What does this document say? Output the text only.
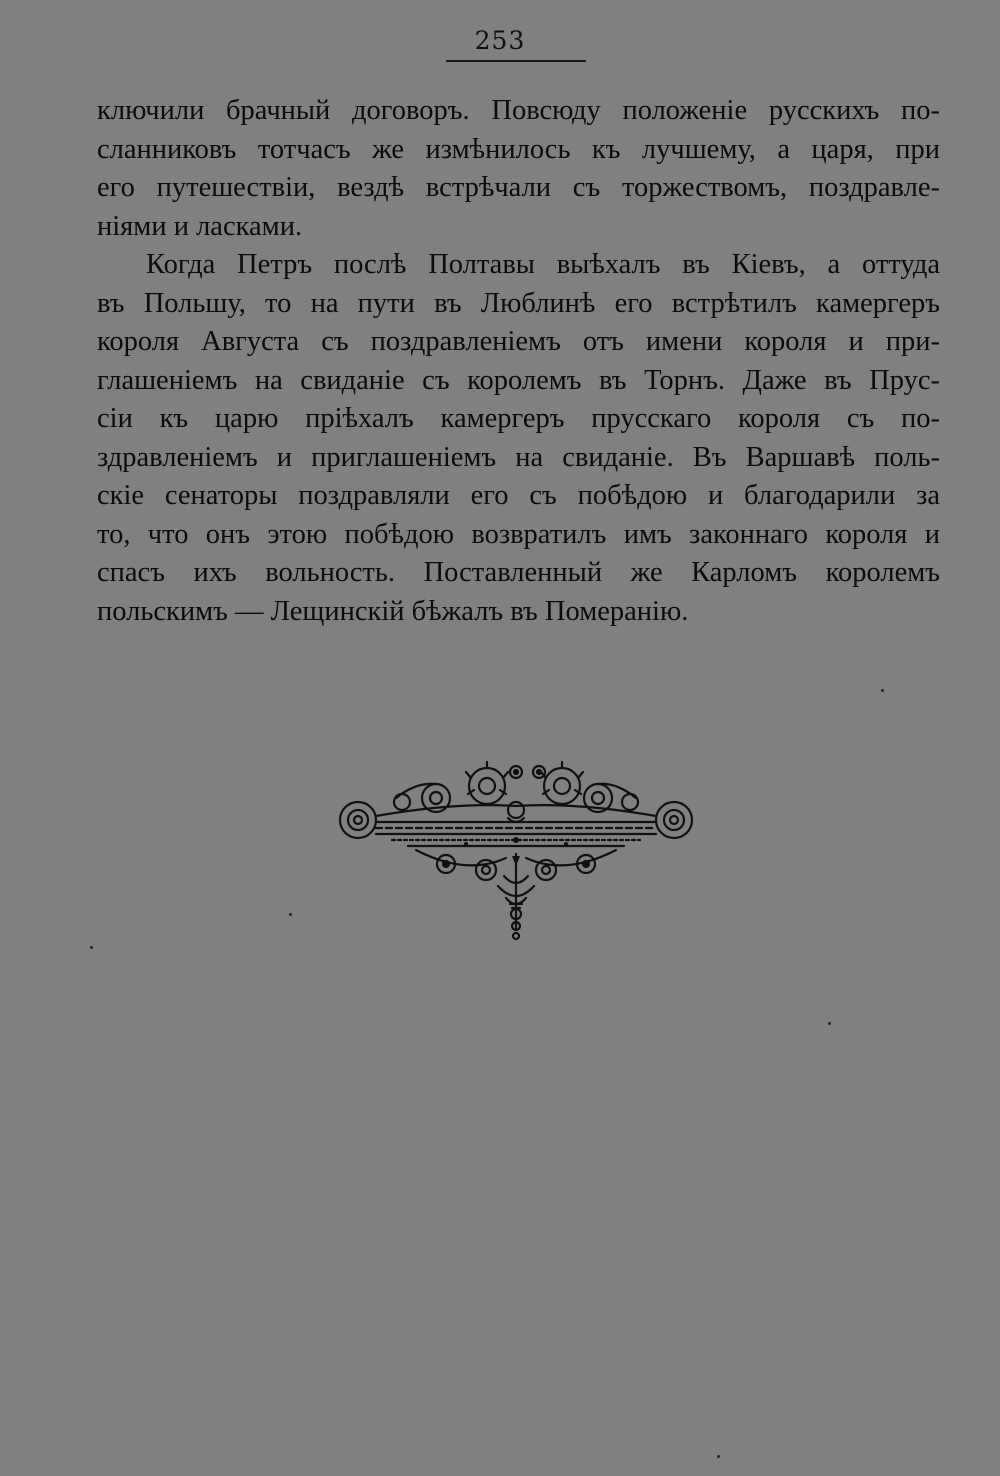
253
ключили брачный договоръ. Повсюду положеніе русскихъ по-
сланниковъ тотчасъ же измѣнилось къ лучшему, а царя, при
его путешествіи, вездѣ встрѣчали съ торжествомъ, поздравле-
ніями и ласками.
Когда Петръ послѣ Полтавы выѣхалъ въ Кіевъ, а оттуда
въ Польшу, то на пути въ Люблинѣ его встрѣтилъ камергеръ
короля Августа съ поздравленіемъ отъ имени короля и при-
глашеніемъ на свиданіе съ королемъ въ Торнъ. Даже въ Прус-
сіи къ царю пріѣхалъ камергеръ прусскаго короля съ по-
здравленіемъ и приглашеніемъ на свиданіе. Въ Варшавѣ поль-
скіе сенаторы поздравляли его съ побѣдою и благодарили за
то, что онъ этою побѣдою возвратилъ имъ законнаго короля и
спасъ ихъ вольность. Поставленный же Карломъ королемъ
польскимъ — Лещинскій бѣжалъ въ Померанію.
